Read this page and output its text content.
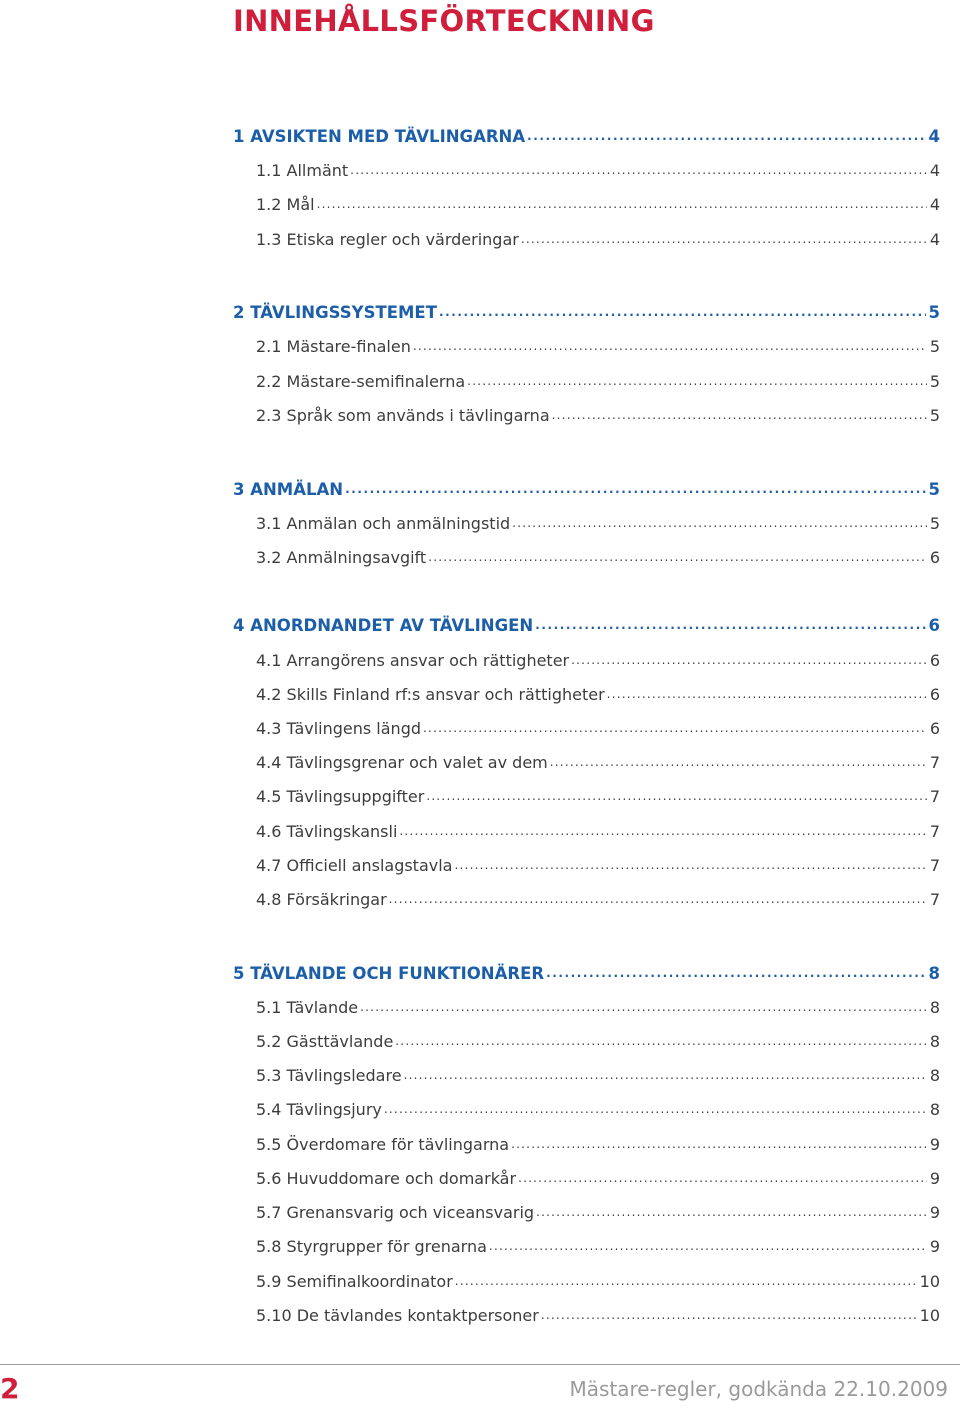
INNEHÅLLSFÖRTECKNING
1 AVSIKTEN MED TÄVLINGARNA . . .	4
1.1 Allmänt . . .	4
1.2 Mål . . .	4
1.3 Etiska regler och värderingar . . .	4
2 TÄVLINGSSYSTEMET . . .	5
2.1 Mästare-finalen . . .	5
2.2 Mästare-semifinalerna . . .	5
2.3 Språk som används i tävlingarna . . .	5
3 ANMÄLAN . . .	5
3.1 Anmälan och anmälningstid . . .	5
3.2 Anmälningsavgift . . .	6
4 ANORDNANDET AV TÄVLINGEN . . .	6
4.1 Arrangörens ansvar och rättigheter . . .	6
4.2 Skills Finland rf:s ansvar och rättigheter . . .	6
4.3 Tävlingens längd . . .	6
4.4 Tävlingsgrenar och valet av dem . . .	7
4.5 Tävlingsuppgifter . . .	7
4.6 Tävlingskansli . . .	7
4.7 Officiell anslagstavla . . .	7
4.8 Försäkringar . . .	7
5 TÄVLANDE OCH FUNKTIONÄRER . . .	8
5.1 Tävlande . . .	8
5.2 Gästtävlande . . .	8
5.3 Tävlingsledare . . .	8
5.4 Tävlingsjury . . .	8
5.5 Överdomare för tävlingarna . . .	9
5.6 Huvuddomare och domarkår . . .	9
5.7 Grenansvarig och viceansvarig . . .	9
5.8 Styrgrupper för grenarna . . .	9
5.9 Semifinalkoordinator . . .	10
5.10 De tävlandes kontaktpersoner . . .	10
2	Mästare-regler, godkända 22.10.2009
